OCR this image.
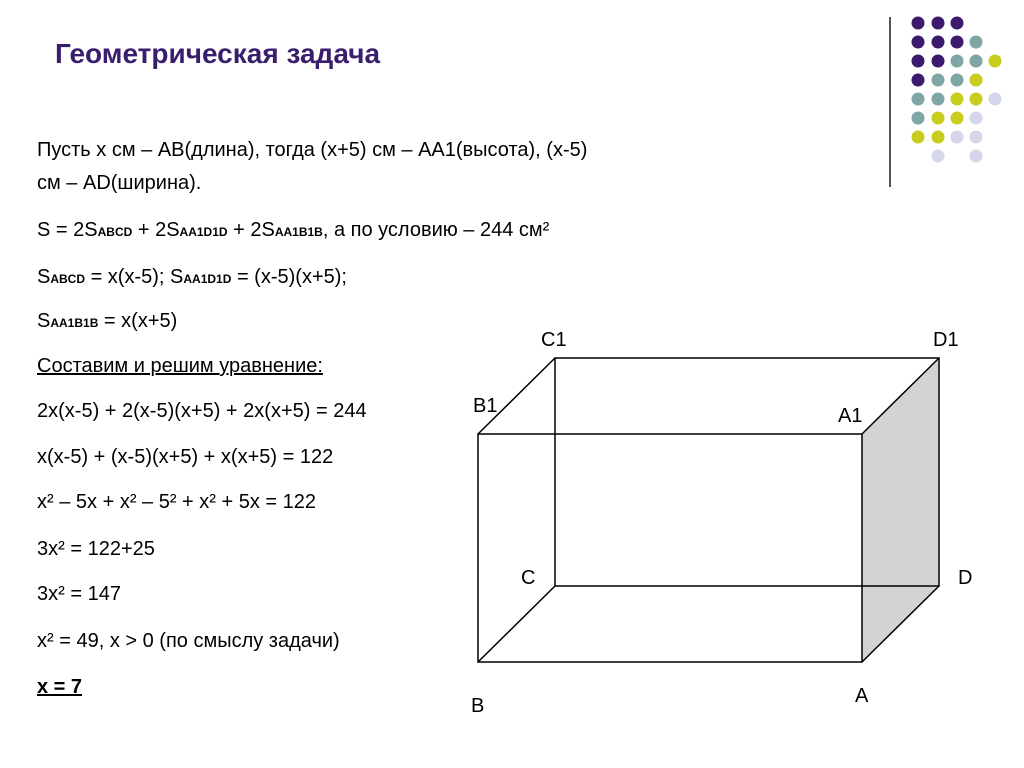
Геометрическая задача
Пусть х см – АВ(длина), тогда (х+5) см – АА1(высота), (х-5)
см – AD(ширина).
S = 2SABCD + 2SAA1D1D + 2SAA1B1B, а по условию – 244 см²
SABCD = х(х-5); SAA1D1D = (х-5)(х+5);
SAA1B1B = х(х+5)
Составим и решим уравнение:
2х(х-5) + 2(х-5)(х+5) + 2х(х+5) = 244
х(х-5) + (х-5)(х+5) + х(х+5) = 122
х² – 5х + х² – 5² + х² + 5х = 122
3х² = 122+25
3х² = 147
х² = 49, х > 0 (по смыслу задачи)
х = 7
C1	D1
B1	A1
C	D
B	A
